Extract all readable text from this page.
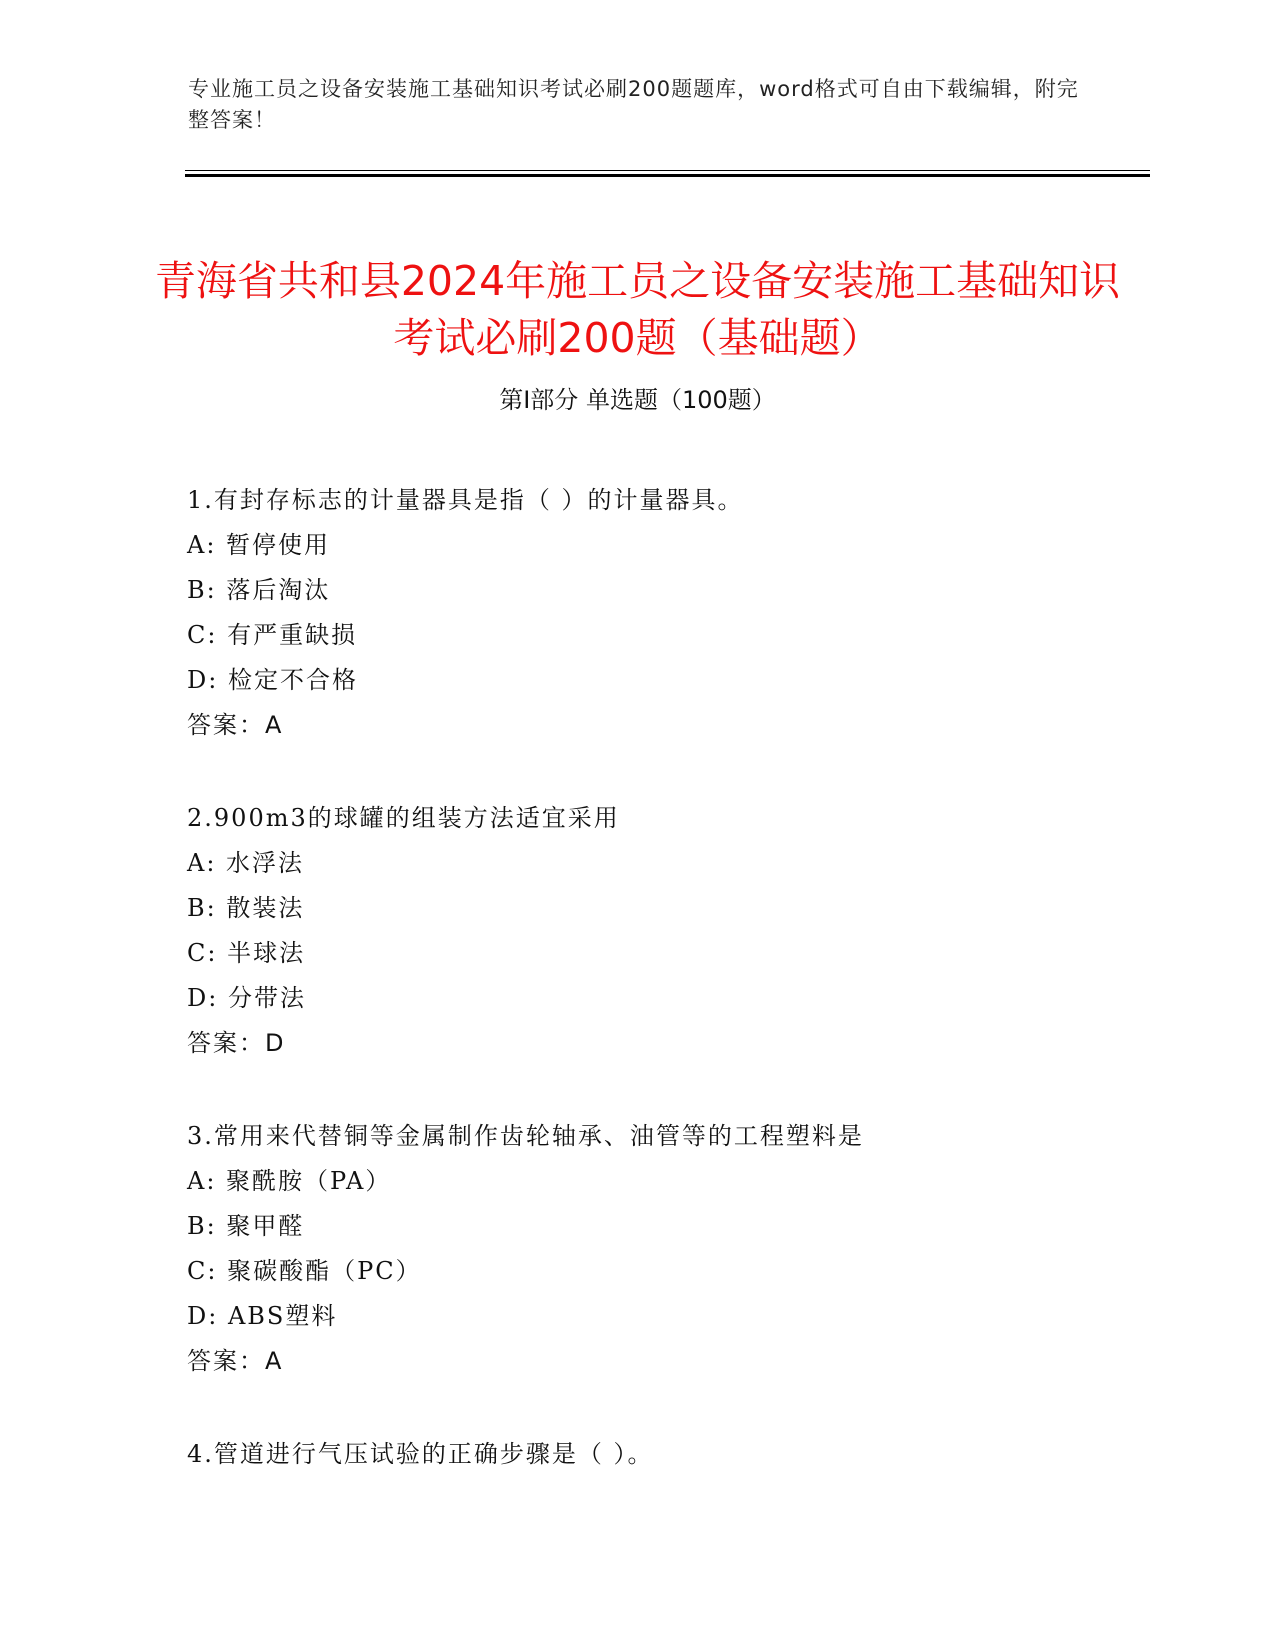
专业施工员之设备安装施工基础知识考试必刷200题题库，word格式可自由下载编辑，附完整答案！
青海省共和县2024年施工员之设备安装施工基础知识考试必刷200题（基础题）
第Ⅰ部分 单选题（100题）
1.有封存标志的计量器具是指（ ）的计量器具。
A: 暂停使用
B: 落后淘汰
C: 有严重缺损
D: 检定不合格
答案：A
2.900m3的球罐的组装方法适宜采用
A: 水浮法
B: 散装法
C: 半球法
D: 分带法
答案：D
3.常用来代替铜等金属制作齿轮轴承、油管等的工程塑料是
A: 聚酰胺（PA）
B: 聚甲醛
C: 聚碳酸酯（PC）
D: ABS塑料
答案：A
4.管道进行气压试验的正确步骤是（ ）。
